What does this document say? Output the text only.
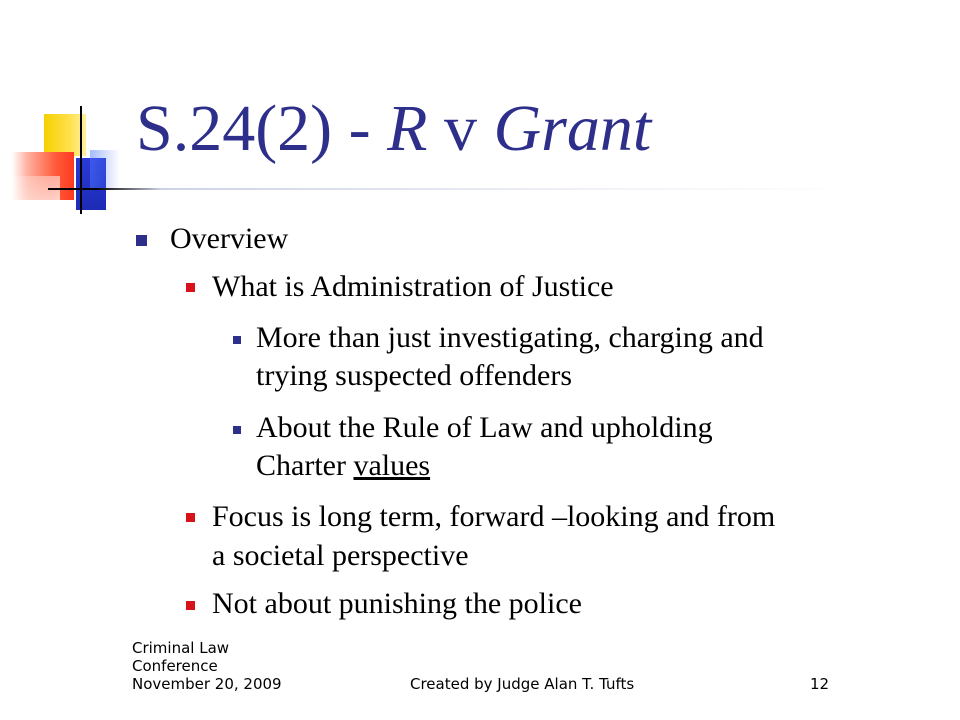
S.24(2) - R v Grant
Overview
What is Administration of Justice
More than just investigating, charging and
trying suspected offenders
About the Rule of Law and upholding
Charter values
Focus is long term, forward –looking and from
a societal perspective
Not about punishing the police
Criminal Law
Conference
November 20, 2009	Created by Judge Alan T. Tufts	12
